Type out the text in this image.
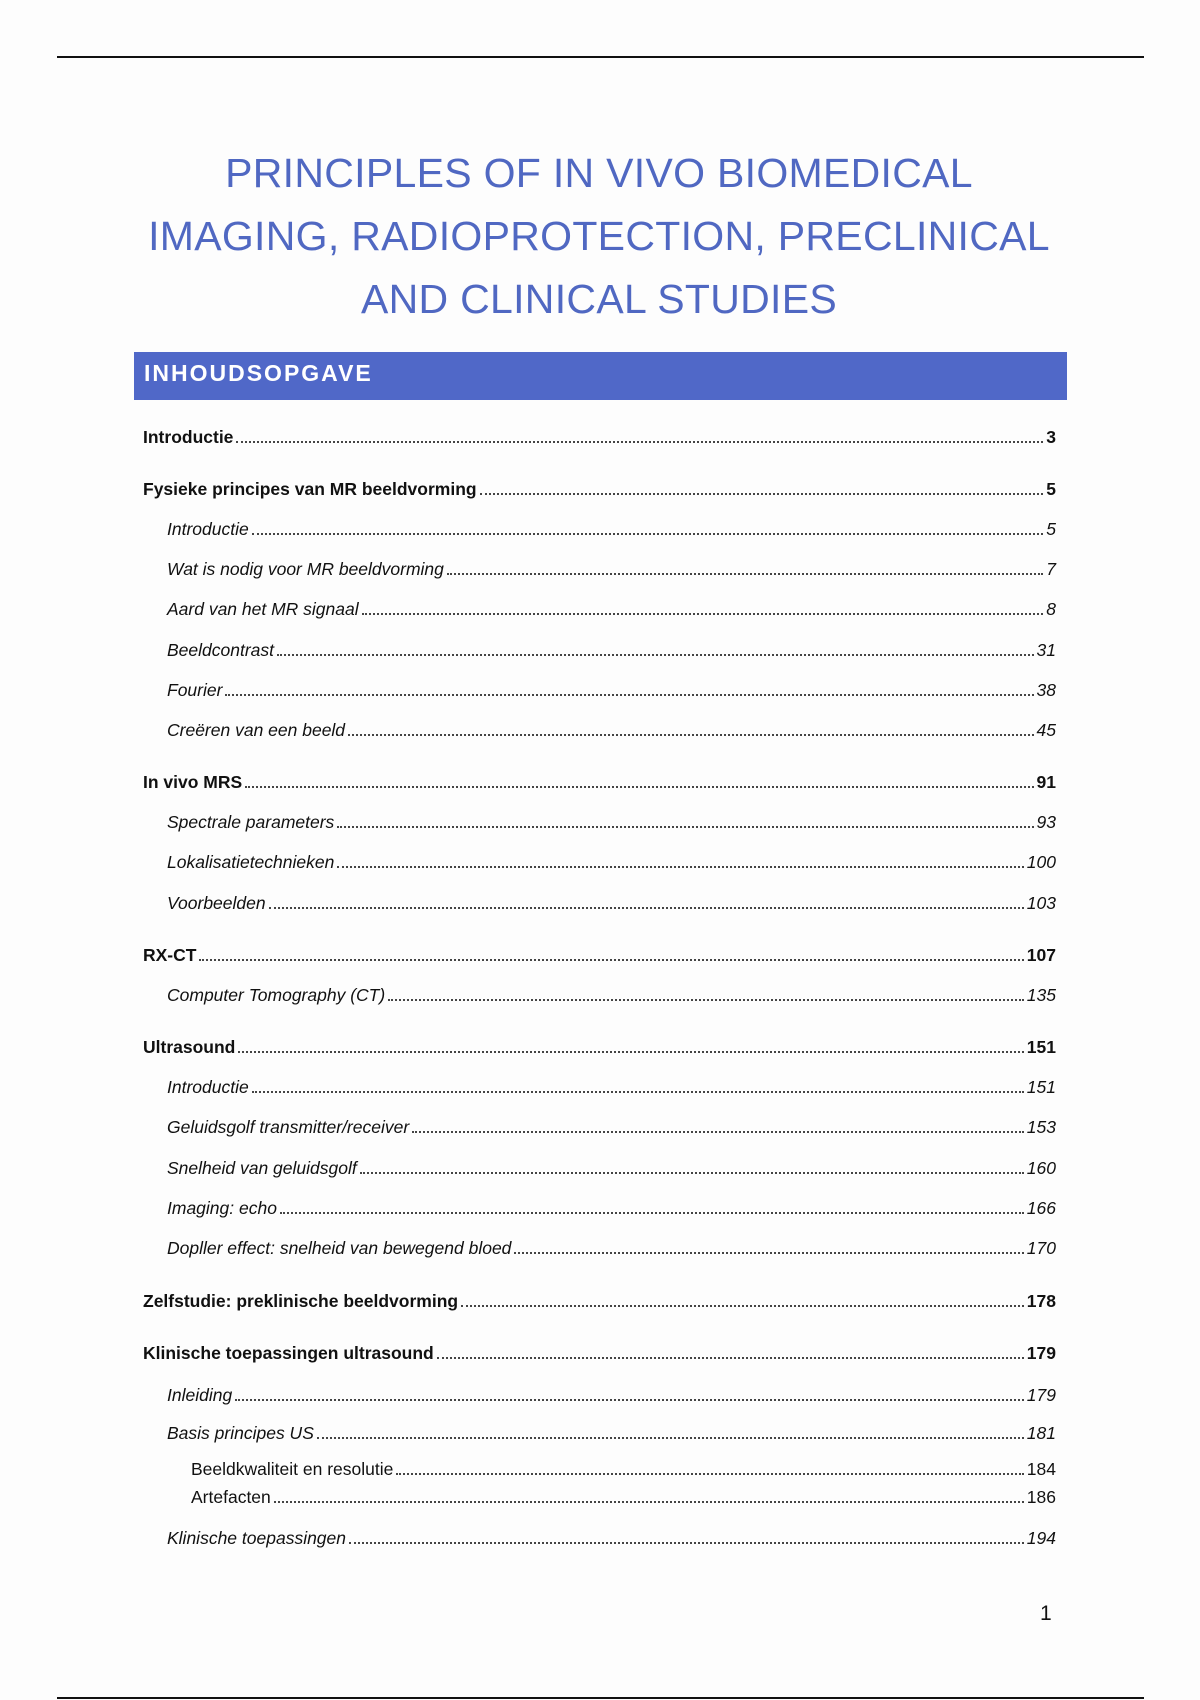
PRINCIPLES OF IN VIVO BIOMEDICAL
IMAGING, RADIOPROTECTION, PRECLINICAL
AND CLINICAL STUDIES
INHOUDSOPGAVE
Introductie	3
Fysieke principes van MR beeldvorming	5
Introductie	5
Wat is nodig voor MR beeldvorming	7
Aard van het MR signaal	8
Beeldcontrast	31
Fourier	38
Creëren van een beeld	45
In vivo MRS	91
Spectrale parameters	93
Lokalisatietechnieken	100
Voorbeelden	103
RX-CT	107
Computer Tomography (CT)	135
Ultrasound	151
Introductie	151
Geluidsgolf transmitter/receiver	153
Snelheid van geluidsgolf	160
Imaging: echo	166
Dopller effect: snelheid van bewegend bloed	170
Zelfstudie: preklinische beeldvorming	178
Klinische toepassingen ultrasound	179
Inleiding	179
Basis principes US	181
Beeldkwaliteit en resolutie	184
Artefacten	186
Klinische toepassingen	194
1
